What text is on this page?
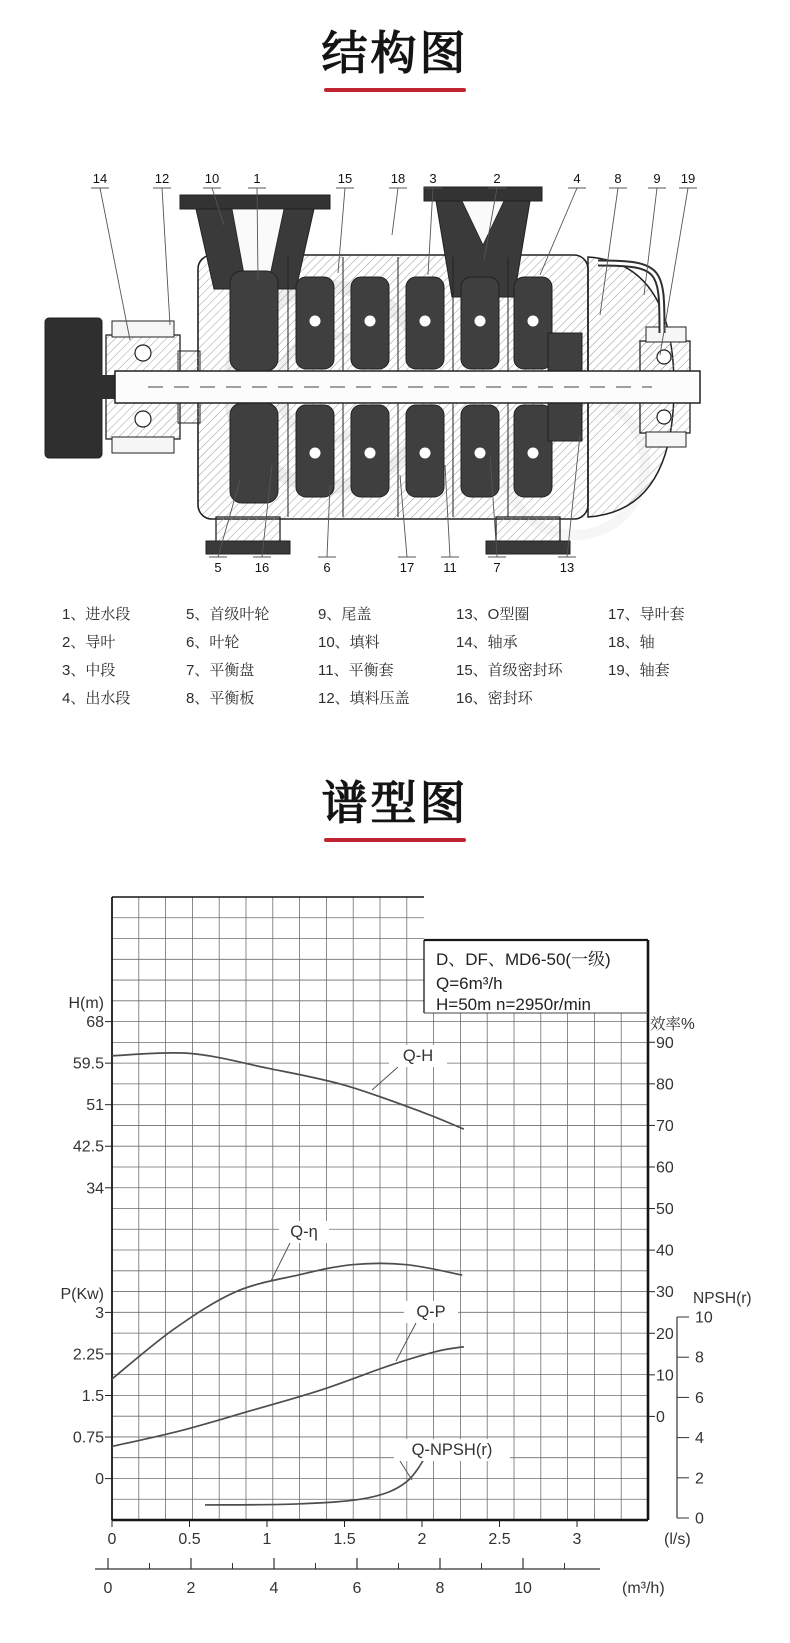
结构图
14	12	10	1	15	18 3	2	4	8 9 19
5	16	6	17 11	7	13
1、进水段
2、导叶
3、中段
4、出水段
5、首级叶轮
6、叶轮
7、平衡盘
8、平衡板
9、尾盖
10、填料
11、平衡套
12、填料压盖
13、O型圈
14、轴承
15、首级密封环
16、密封环
17、导叶套
18、轴
19、轴套
谱型图
D、DF、MD6-50(一级)
Q=6m³/h
H=50m n=2950r/min
H(m)
68
59.5
51
42.5
34
P(Kw)
3
2.25
1.5
0.75
0
效率%
90
80
70
60
50
40
30
20
10
0
NPSH(r)
10
8
6
4
2
0
0	0.5	1	1.5	2	2.5	3	(l/s)
0	2	4	6	8	10	(m³/h)
Q-H
Q-η
Q-P
Q-NPSH(r)
